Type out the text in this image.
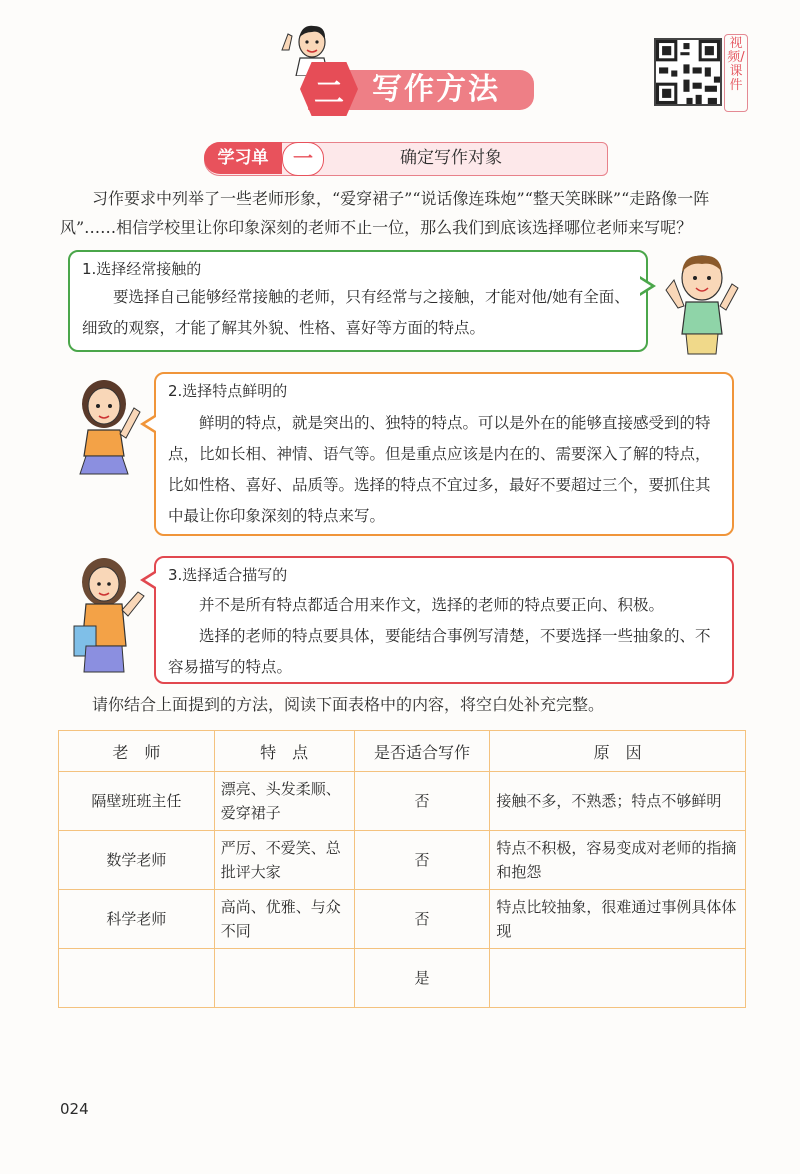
二 写作方法
视频/课件
学习单	一	确定写作对象
习作要求中列举了一些老师形象，“爱穿裙子”“说话像连珠炮”“整天笑眯眯”“走路像一阵风”……相信学校里让你印象深刻的老师不止一位，那么我们到底该选择哪位老师来写呢？
1.选择经常接触的
要选择自己能够经常接触的老师，只有经常与之接触，才能对他/她有全面、细致的观察，才能了解其外貌、性格、喜好等方面的特点。
2.选择特点鲜明的
鲜明的特点，就是突出的、独特的特点。可以是外在的能够直接感受到的特点，比如长相、神情、语气等。但是重点应该是内在的、需要深入了解的特点，比如性格、喜好、品质等。选择的特点不宜过多，最好不要超过三个，要抓住其中最让你印象深刻的特点来写。
3.选择适合描写的
并不是所有特点都适合用来作文，选择的老师的特点要正向、积极。
选择的老师的特点要具体，要能结合事例写清楚，不要选择一些抽象的、不容易描写的特点。
请你结合上面提到的方法，阅读下面表格中的内容，将空白处补充完整。
老　师	特　点	是否适合写作	原　因
隔壁班班主任	漂亮、头发柔顺、爱穿裙子	否	接触不多，不熟悉；特点不够鲜明
数学老师	严厉、不爱笑、总批评大家	否	特点不积极，容易变成对老师的指摘和抱怨
科学老师	高尚、优雅、与众不同	否	特点比较抽象，很难通过事例具体体现
		是	
024
